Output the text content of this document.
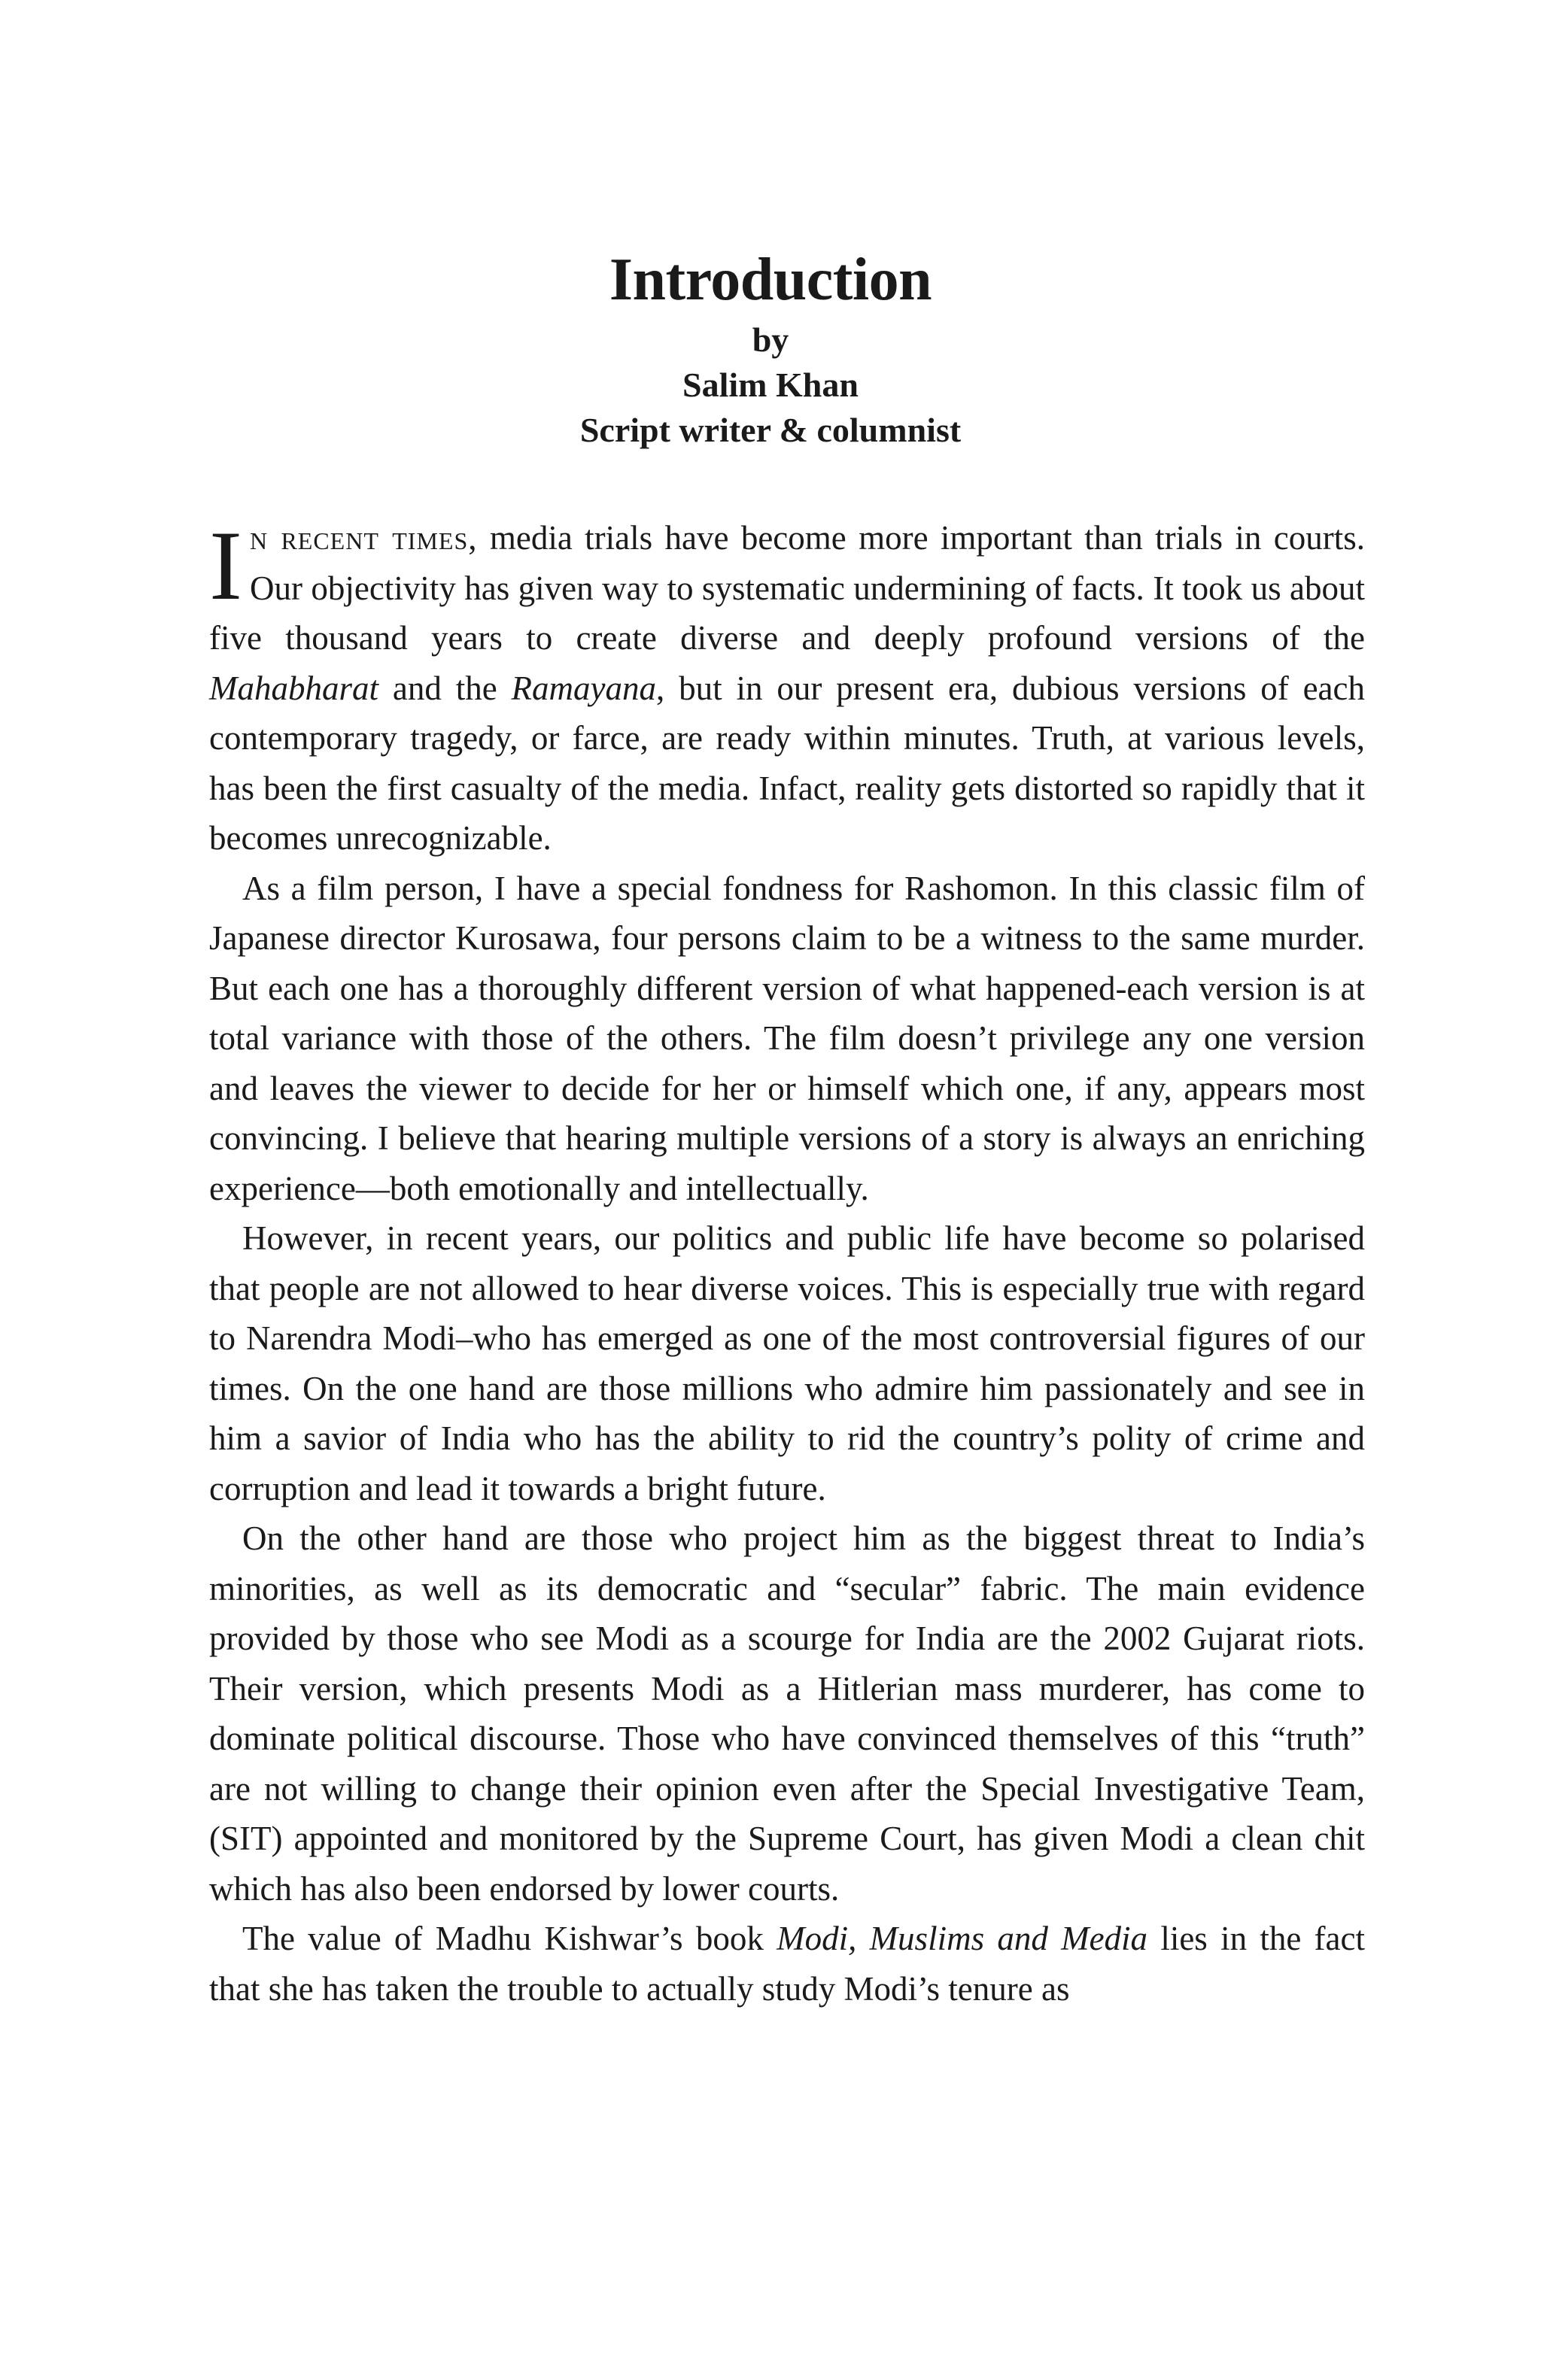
Introduction
by
Salim Khan
Script writer & columnist

In recent times, media trials have become more important than trials in courts. Our objectivity has given way to systematic undermining of facts. It took us about five thousand years to create diverse and deeply profound versions of the Mahabharat and the Ramayana, but in our present era, dubious versions of each contemporary tragedy, or farce, are ready within minutes. Truth, at various levels, has been the first casualty of the media. Infact, reality gets distorted so rapidly that it becomes unrecognizable.

As a film person, I have a special fondness for Rashomon. In this classic film of Japanese director Kurosawa, four persons claim to be a witness to the same murder. But each one has a thoroughly different version of what happened-each version is at total variance with those of the others. The film doesn’t privilege any one version and leaves the viewer to decide for her or himself which one, if any, appears most convincing. I believe that hearing multiple versions of a story is always an enriching experience—both emotionally and intellectually.

However, in recent years, our politics and public life have become so polarised that people are not allowed to hear diverse voices. This is especially true with regard to Narendra Modi–who has emerged as one of the most controversial figures of our times. On the one hand are those millions who admire him passionately and see in him a savior of India who has the ability to rid the country’s polity of crime and corruption and lead it towards a bright future.

On the other hand are those who project him as the biggest threat to India’s minorities, as well as its democratic and “secular” fabric. The main evidence provided by those who see Modi as a scourge for India are the 2002 Gujarat riots. Their version, which presents Modi as a Hitlerian mass murderer, has come to dominate political discourse. Those who have convinced themselves of this “truth” are not willing to change their opinion even after the Special Investigative Team, (SIT) appointed and monitored by the Supreme Court, has given Modi a clean chit which has also been endorsed by lower courts.

The value of Madhu Kishwar’s book Modi, Muslims and Media lies in the fact that she has taken the trouble to actually study Modi’s tenure as
